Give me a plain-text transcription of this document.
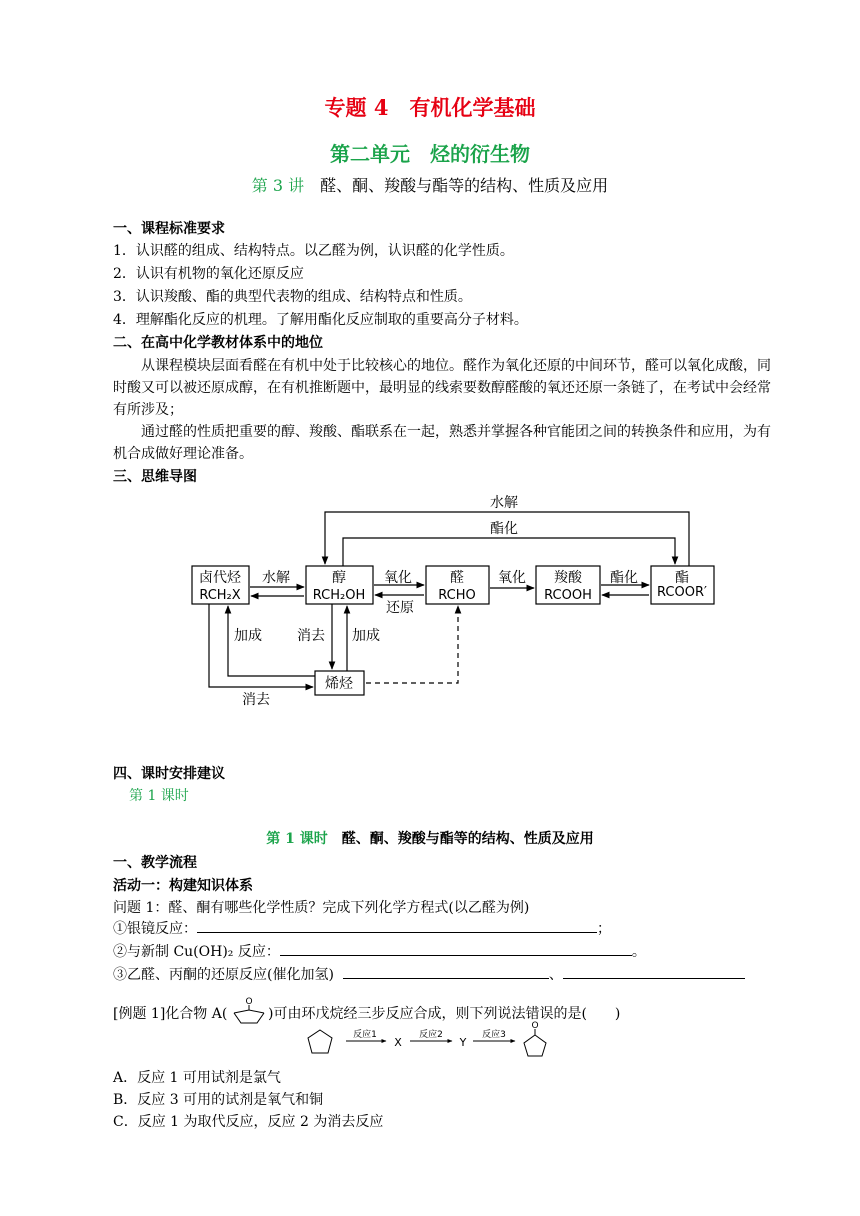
专题 4　有机化学基础
第二单元　烃的衍生物
第 3 讲　 醛、酮、羧酸与酯等的结构、性质及应用
一、课程标准要求
1．认识醛的组成、结构特点。以乙醛为例，认识醛的化学性质。
2．认识有机物的氧化还原反应
3．认识羧酸、酯的典型代表物的组成、结构特点和性质。
4．理解酯化反应的机理。了解用酯化反应制取的重要高分子材料。
二、在高中化学教材体系中的地位
从课程模块层面看醛在有机中处于比较核心的地位。醛作为氧化还原的中间环节，醛可以氧化成酸，同时酸又可以被还原成醇，在有机推断题中，最明显的线索要数醇醛酸的氧还还原一条链了，在考试中会经常有所涉及；
通过醛的性质把重要的醇、羧酸、酯联系在一起，熟悉并掌握各种官能团之间的转换条件和应用，为有机合成做好理论准备。
三、思维导图
卤代烃
RCH₂X
醇
RCH₂OH
醛
RCHO
羧酸
RCOOH
酯
RCOOR′
烯烃
水解
酯化
水解	氧化
还原
氧化	酯化
加成	消去 加成
消去
四、课时安排建议
第 1 课时
第 1 课时　 醛、酮、羧酸与酯等的结构、性质及应用
一、教学流程
活动一：构建知识体系
问题 1：醛、酮有哪些化学性质？完成下列化学方程式(以乙醛为例)
①银镜反应：	；
②与新制 Cu(OH)₂ 反应：	。
③乙醛、丙酮的还原反应(催化加氢)	、
[例题 1]化合物 A(
O
)可由环戊烷经三步反应合成，则下列说法错误的是(　　)
反应1
X
反应2
Y
反应3
O
A．反应 1 可用试剂是氯气
B．反应 3 可用的试剂是氧气和铜
C．反应 1 为取代反应，反应 2 为消去反应
